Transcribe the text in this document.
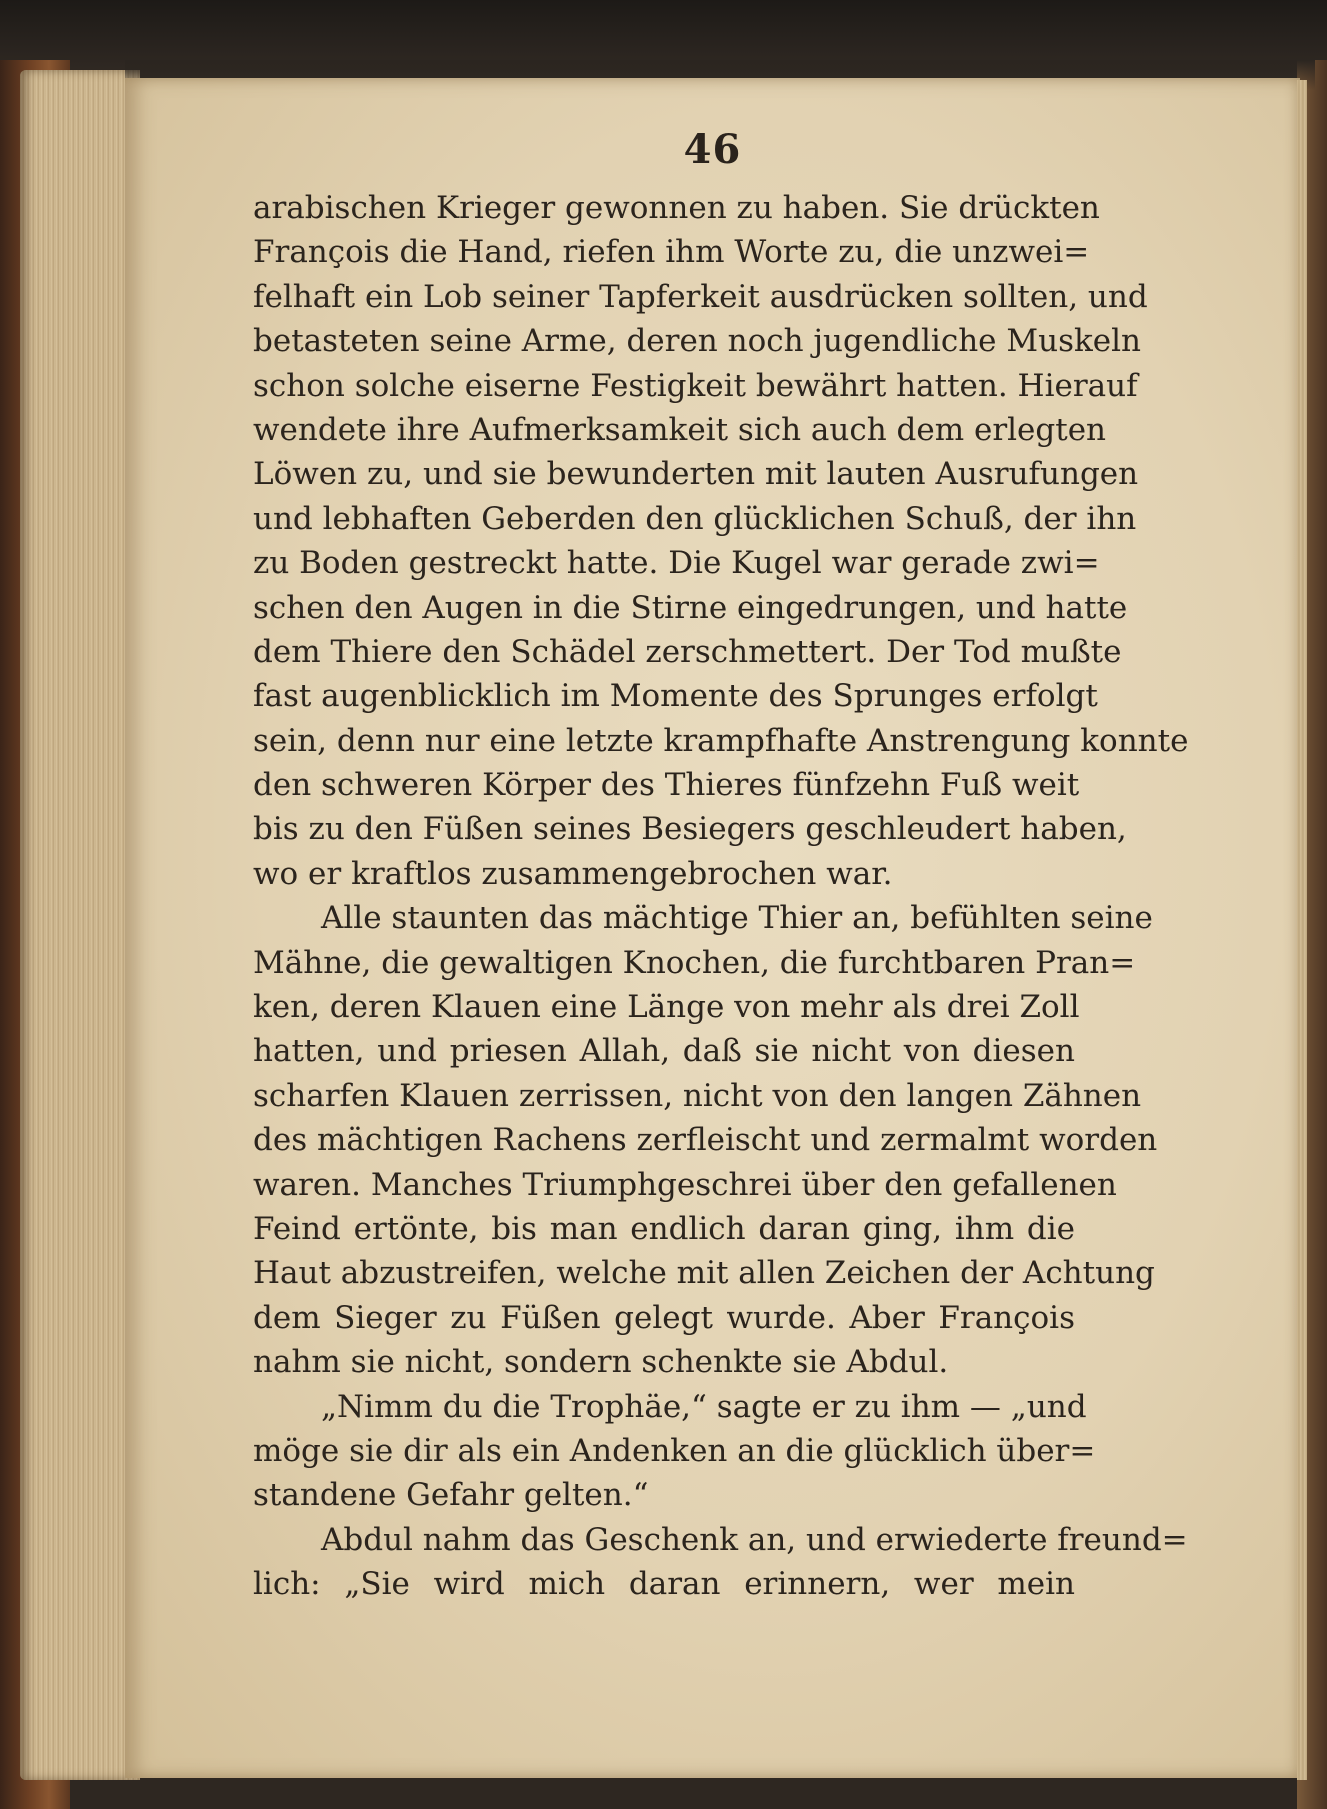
46
arabischen Krieger gewonnen zu haben. Sie drückten
François die Hand, riefen ihm Worte zu, die unzwei=
felhaft ein Lob seiner Tapferkeit ausdrücken sollten, und
betasteten seine Arme, deren noch jugendliche Muskeln
schon solche eiserne Festigkeit bewährt hatten. Hierauf
wendete ihre Aufmerksamkeit sich auch dem erlegten
Löwen zu, und sie bewunderten mit lauten Ausrufungen
und lebhaften Geberden den glücklichen Schuß, der ihn
zu Boden gestreckt hatte. Die Kugel war gerade zwi=
schen den Augen in die Stirne eingedrungen, und hatte
dem Thiere den Schädel zerschmettert. Der Tod mußte
fast augenblicklich im Momente des Sprunges erfolgt
sein, denn nur eine letzte krampfhafte Anstrengung konnte
den schweren Körper des Thieres fünfzehn Fuß weit
bis zu den Füßen seines Besiegers geschleudert haben,
wo er kraftlos zusammengebrochen war.
Alle staunten das mächtige Thier an, befühlten seine
Mähne, die gewaltigen Knochen, die furchtbaren Pran=
ken, deren Klauen eine Länge von mehr als drei Zoll
hatten, und priesen Allah, daß sie nicht von diesen
scharfen Klauen zerrissen, nicht von den langen Zähnen
des mächtigen Rachens zerfleischt und zermalmt worden
waren. Manches Triumphgeschrei über den gefallenen
Feind ertönte, bis man endlich daran ging, ihm die
Haut abzustreifen, welche mit allen Zeichen der Achtung
dem Sieger zu Füßen gelegt wurde. Aber François
nahm sie nicht, sondern schenkte sie Abdul.
„Nimm du die Trophäe,“ sagte er zu ihm — „und
möge sie dir als ein Andenken an die glücklich über=
standene Gefahr gelten.“
Abdul nahm das Geschenk an, und erwiederte freund=
lich: „Sie wird mich daran erinnern, wer mein
